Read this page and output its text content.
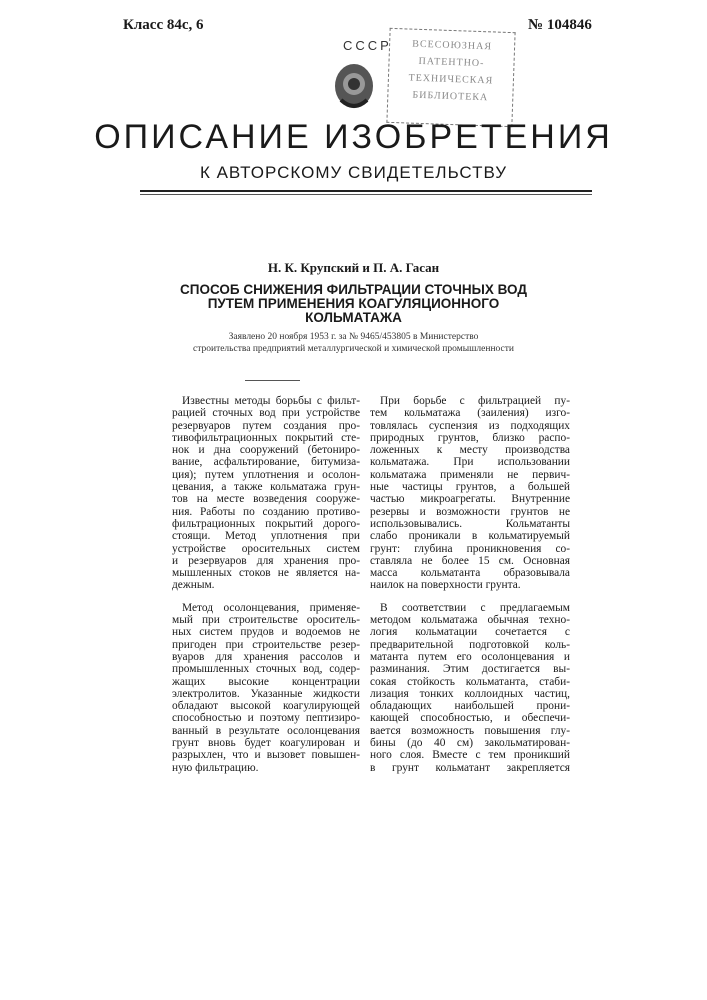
Класс 84с, 6	№ 104846
СССР	ВСЕСОЮЗНАЯ
ПАТЕНТНО-
ТЕХНИЧЕСКАЯ
БИБЛИОТЕКА
ОПИСАНИЕ ИЗОБРЕТЕНИЯ
К АВТОРСКОМУ СВИДЕТЕЛЬСТВУ
Н. К. Крупский и П. А. Гасан
СПОСОБ СНИЖЕНИЯ ФИЛЬТРАЦИИ СТОЧНЫХ ВОД
ПУТЕМ ПРИМЕНЕНИЯ КОАГУЛЯЦИОННОГО
КОЛЬМАТАЖА
Заявлено 20 ноября 1953 г. за № 9465/453805 в Министерство
строительства предприятий металлургической и химической промышленности
Известны методы борьбы с фильт-
рацией сточных вод при устройстве
резервуаров путем создания про-
тивофильтрационных покрытий сте-
нок и дна сооружений (бетониро-
вание, асфальтирование, битумиза-
ция); путем уплотнения и осолон-
цевания, а также кольматажа грун-
тов на месте возведения сооруже-
ния. Работы по созданию противо-
фильтрационных покрытий дорого-
стоящи. Метод уплотнения при
устройстве оросительных систем
и резервуаров для хранения про-
мышленных стоков не является на-
дежным.
Метод осолонцевания, применяе-
мый при строительстве ороситель-
ных систем прудов и водоемов не
пригоден при строительстве резер-
вуаров для хранения рассолов и
промышленных сточных вод, содер-
жащих высокие концентрации
электролитов. Указанные жидкости
обладают высокой коагулирующей
способностью и поэтому пептизиро-
ванный в результате осолонцевания
грунт вновь будет коагулирован и
разрыхлен, что и вызовет повышен-
ную фильтрацию.
При борьбе с фильтрацией пу-
тем кольматажа (заиления) изго-
товлялась суспензия из подходящих
природных грунтов, близко распо-
ложенных к месту производства
кольматажа. При использовании
кольматажа применяли не первич-
ные частицы грунтов, а большей
частью микроагрегаты. Внутренние
резервы и возможности грунтов не
использовывались. Кольматанты
слабо проникали в кольматируемый
грунт: глубина проникновения со-
ставляла не более 15 см. Основная
масса кольматанта образовывала
наилок на поверхности грунта.
В соответствии с предлагаемым
методом кольматажа обычная техно-
логия кольматации сочетается с
предварительной подготовкой коль-
матанта путем его осолонцевания и
разминания. Этим достигается вы-
сокая стойкость кольматанта, стаби-
лизация тонких коллоидных частиц,
обладающих наибольшей прони-
кающей способностью, и обеспечи-
вается возможность повышения глу-
бины (до 40 см) закольматирован-
ного слоя. Вместе с тем проникший
в грунт кольматант закрепляется
